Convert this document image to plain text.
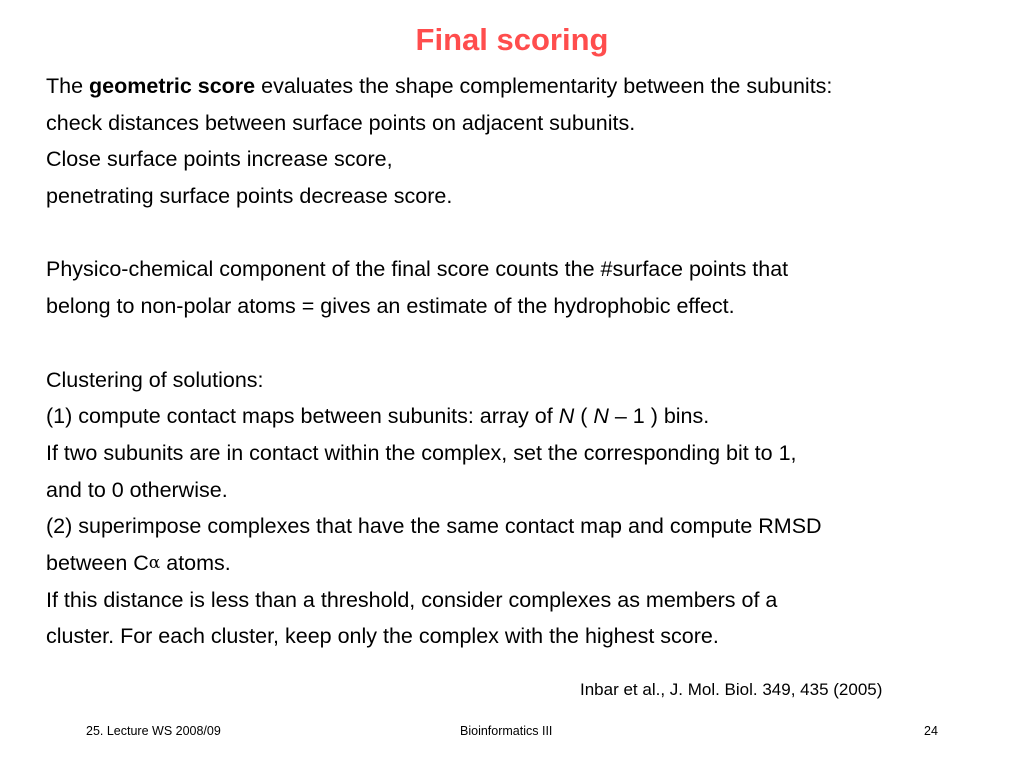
Final scoring
The geometric score evaluates the shape complementarity between the subunits:
check distances between surface points on adjacent subunits.
Close surface points increase score,
penetrating surface points decrease score.
Physico-chemical component of the final score counts the #surface points that
belong to non-polar atoms = gives an estimate of the hydrophobic effect.
Clustering of solutions:
(1) compute contact maps between subunits: array of N ( N – 1 ) bins.
If two subunits are in contact within the complex, set the corresponding bit to 1,
and to 0 otherwise.
(2) superimpose complexes that have the same contact map and compute RMSD
between Cα atoms.
If this distance is less than a threshold, consider complexes as members of a
cluster. For each cluster, keep only the complex with the highest score.
Inbar et al., J. Mol. Biol. 349, 435 (2005)
25. Lecture WS 2008/09	Bioinformatics III	24
